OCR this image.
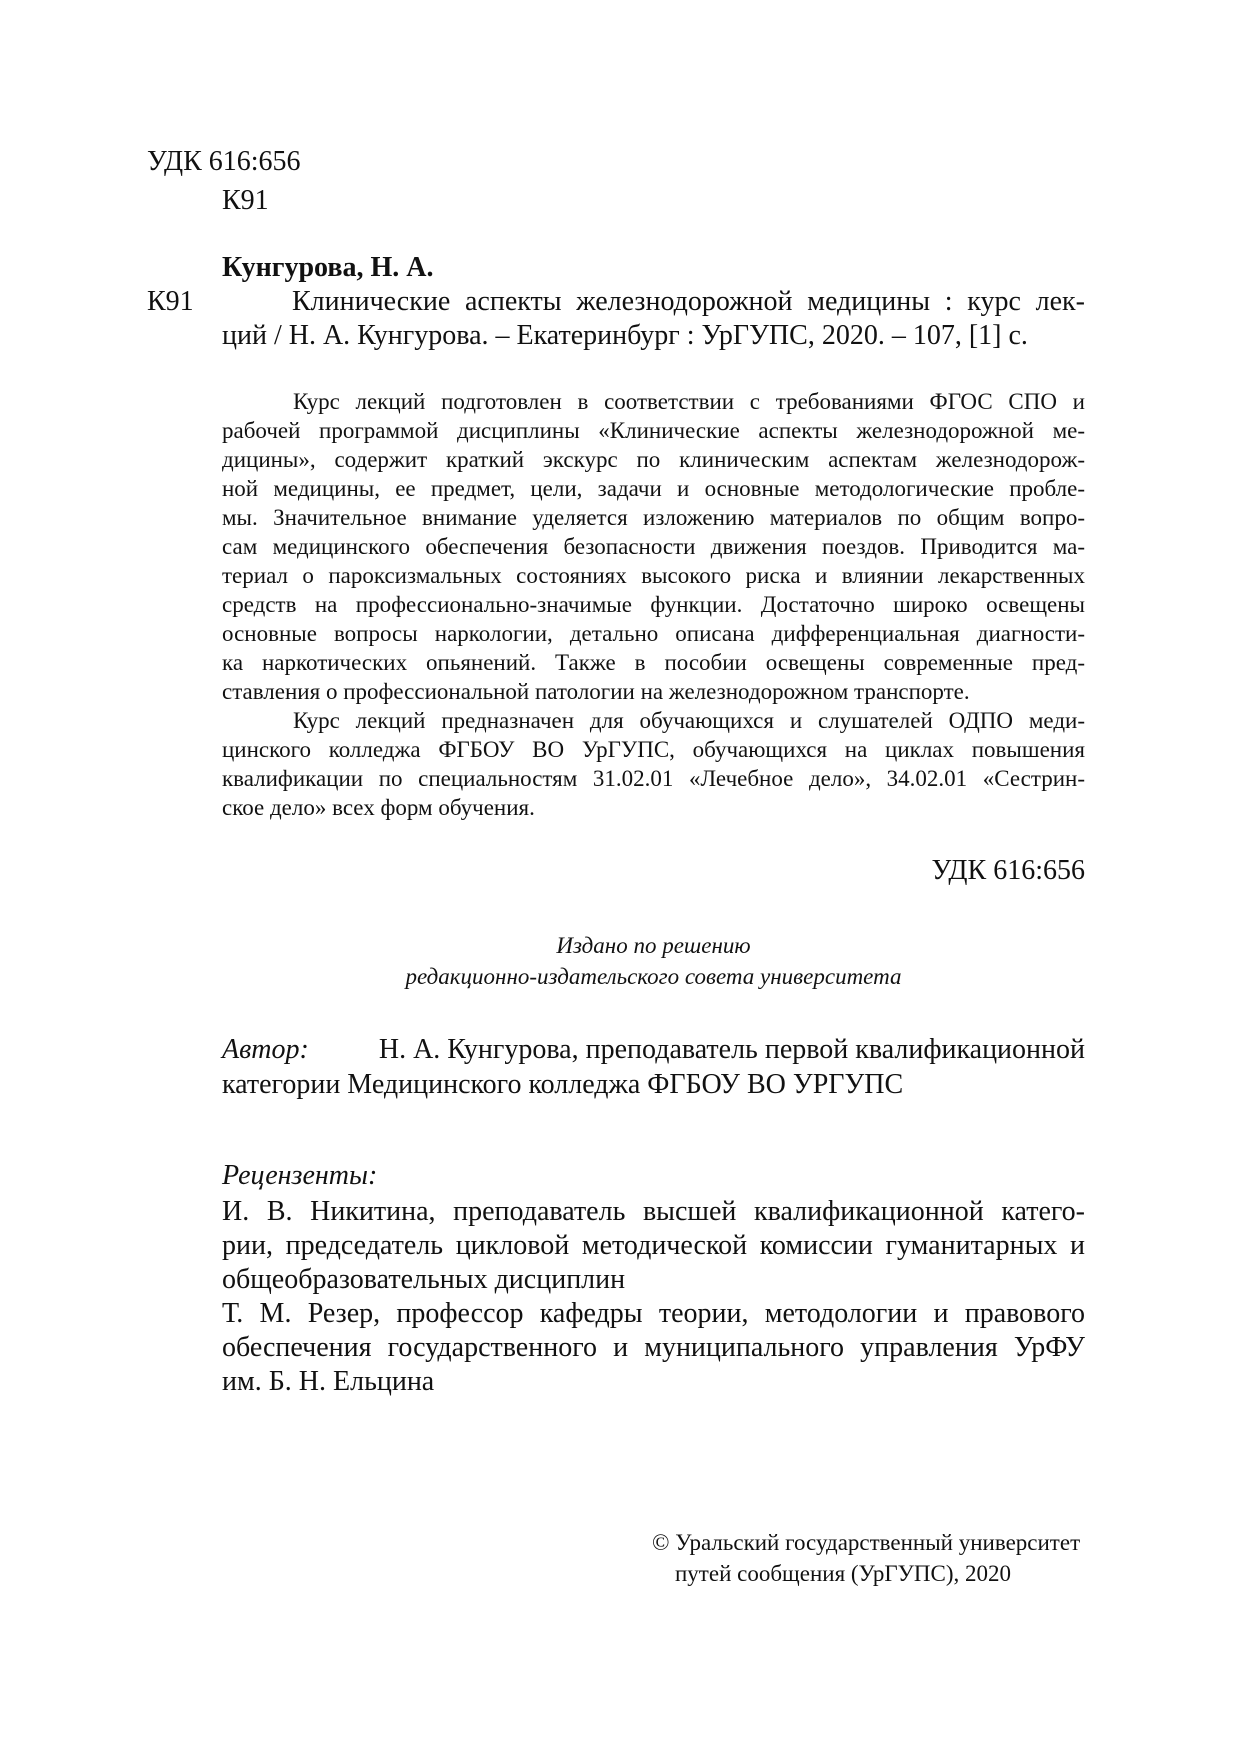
УДК 616:656
К91
Кунгурова, Н. А.
К91	Клинические аспекты железнодорожной медицины : курс лек-
ций / Н. А. Кунгурова. – Екатеринбург : УрГУПС, 2020. – 107, [1] с.
Курс лекций подготовлен в соответствии с требованиями ФГОС СПО и
рабочей программой дисциплины «Клинические аспекты железнодорожной ме-
дицины», содержит краткий экскурс по клиническим аспектам железнодорож-
ной медицины, ее предмет, цели, задачи и основные методологические пробле-
мы. Значительное внимание уделяется изложению материалов по общим вопро-
сам медицинского обеспечения безопасности движения поездов. Приводится ма-
териал о пароксизмальных состояниях высокого риска и влиянии лекарственных
средств на профессионально-значимые функции. Достаточно широко освещены
основные вопросы наркологии, детально описана дифференциальная диагности-
ка наркотических опьянений. Также в пособии освещены современные пред-
ставления о профессиональной патологии на железнодорожном транспорте.
Курс лекций предназначен для обучающихся и слушателей ОДПО меди-
цинского колледжа ФГБОУ ВО УрГУПС, обучающихся на циклах повышения
квалификации по специальностям 31.02.01 «Лечебное дело», 34.02.01 «Сестрин-
ское дело» всех форм обучения.
УДК 616:656
Издано по решению
редакционно-издательского совета университета
Автор:	Н. А. Кунгурова, преподаватель первой квалификационной
категории Медицинского колледжа ФГБОУ ВО УРГУПС
Рецензенты:
И. В. Никитина, преподаватель высшей квалификационной катего-
рии, председатель цикловой методической комиссии гуманитарных и
общеобразовательных дисциплин
Т. М. Резер, профессор кафедры теории, методологии и правового
обеспечения государственного и муниципального управления УрФУ
им. Б. Н. Ельцина
© Уральский государственный университет
путей сообщения (УрГУПС), 2020
